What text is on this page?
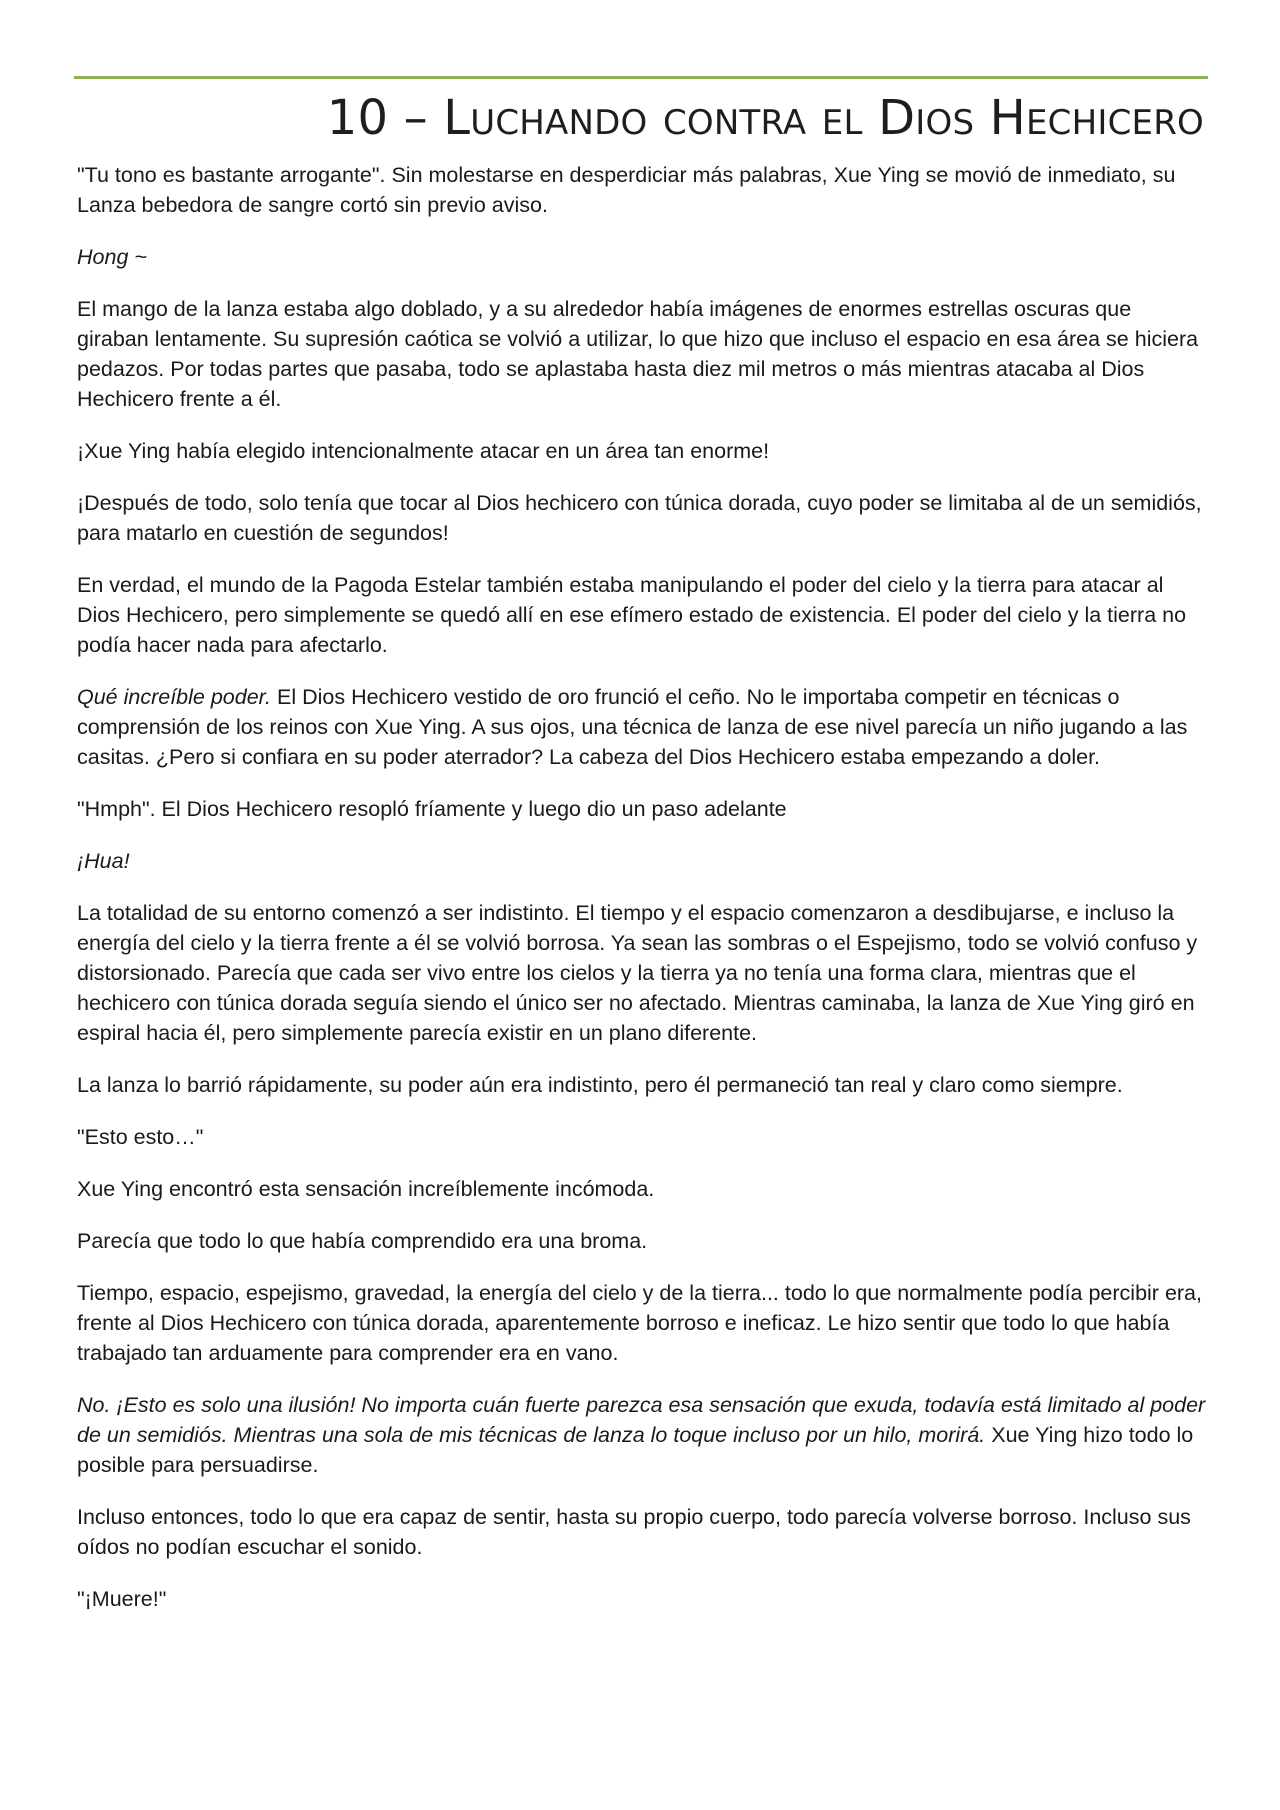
10 – Luchando contra el Dios Hechicero

"Tu tono es bastante arrogante". Sin molestarse en desperdiciar más palabras, Xue Ying se movió de inmediato, su Lanza bebedora de sangre cortó sin previo aviso.

Hong ~

El mango de la lanza estaba algo doblado, y a su alrededor había imágenes de enormes estrellas oscuras que giraban lentamente. Su supresión caótica se volvió a utilizar, lo que hizo que incluso el espacio en esa área se hiciera pedazos. Por todas partes que pasaba, todo se aplastaba hasta diez mil metros o más mientras atacaba al Dios Hechicero frente a él.

¡Xue Ying había elegido intencionalmente atacar en un área tan enorme!

¡Después de todo, solo tenía que tocar al Dios hechicero con túnica dorada, cuyo poder se limitaba al de un semidiós, para matarlo en cuestión de segundos!

En verdad, el mundo de la Pagoda Estelar también estaba manipulando el poder del cielo y la tierra para atacar al Dios Hechicero, pero simplemente se quedó allí en ese efímero estado de existencia. El poder del cielo y la tierra no podía hacer nada para afectarlo.

Qué increíble poder. El Dios Hechicero vestido de oro frunció el ceño. No le importaba competir en técnicas o comprensión de los reinos con Xue Ying. A sus ojos, una técnica de lanza de ese nivel parecía un niño jugando a las casitas. ¿Pero si confiara en su poder aterrador? La cabeza del Dios Hechicero estaba empezando a doler.

"Hmph". El Dios Hechicero resopló fríamente y luego dio un paso adelante

¡Hua!

La totalidad de su entorno comenzó a ser indistinto. El tiempo y el espacio comenzaron a desdibujarse, e incluso la energía del cielo y la tierra frente a él se volvió borrosa. Ya sean las sombras o el Espejismo, todo se volvió confuso y distorsionado. Parecía que cada ser vivo entre los cielos y la tierra ya no tenía una forma clara, mientras que el hechicero con túnica dorada seguía siendo el único ser no afectado. Mientras caminaba, la lanza de Xue Ying giró en espiral hacia él, pero simplemente parecía existir en un plano diferente.

La lanza lo barrió rápidamente, su poder aún era indistinto, pero él permaneció tan real y claro como siempre.

"Esto esto…"

Xue Ying encontró esta sensación increíblemente incómoda.

Parecía que todo lo que había comprendido era una broma.

Tiempo, espacio, espejismo, gravedad, la energía del cielo y de la tierra... todo lo que normalmente podía percibir era, frente al Dios Hechicero con túnica dorada, aparentemente borroso e ineficaz. Le hizo sentir que todo lo que había trabajado tan arduamente para comprender era en vano.

No. ¡Esto es solo una ilusión! No importa cuán fuerte parezca esa sensación que exuda, todavía está limitado al poder de un semidiós. Mientras una sola de mis técnicas de lanza lo toque incluso por un hilo, morirá. Xue Ying hizo todo lo posible para persuadirse.

Incluso entonces, todo lo que era capaz de sentir, hasta su propio cuerpo, todo parecía volverse borroso. Incluso sus oídos no podían escuchar el sonido.

"¡Muere!"
